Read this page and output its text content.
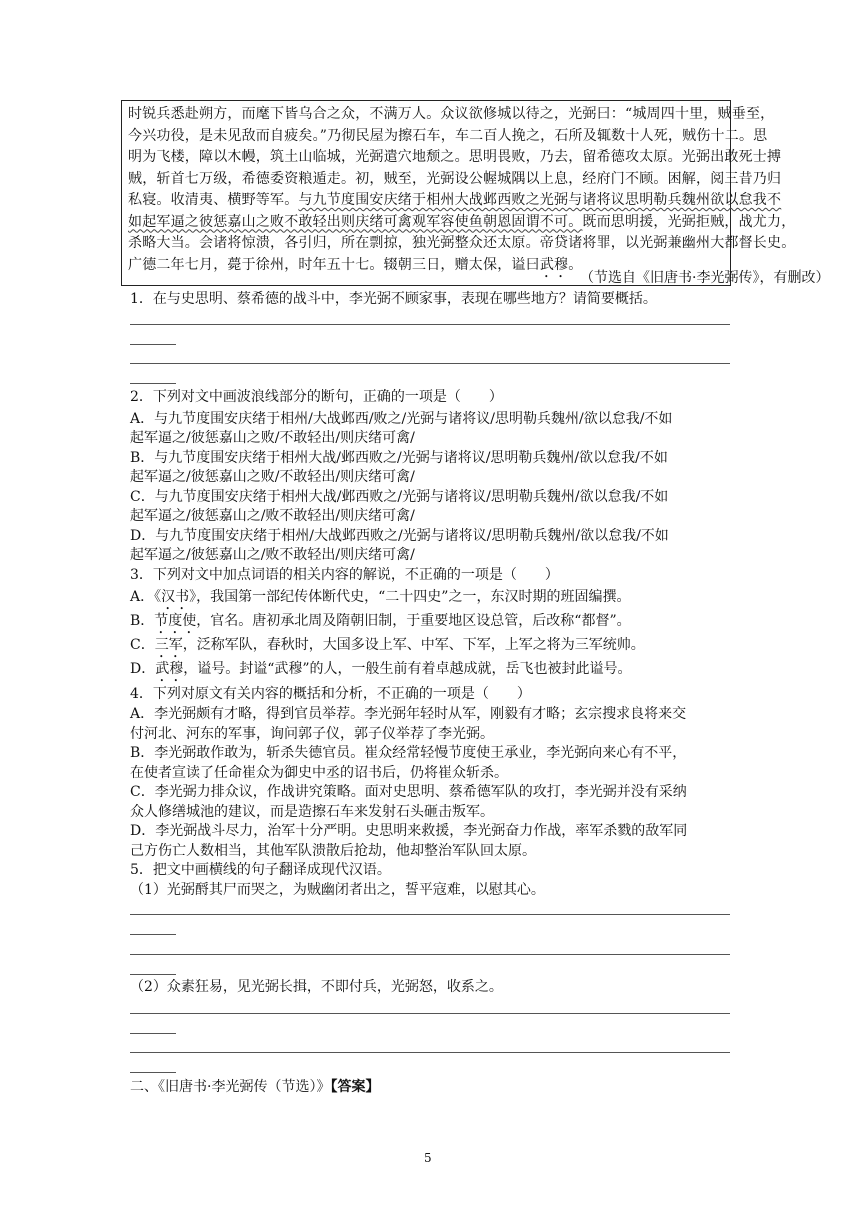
时锐兵悉赴朔方，而麾下皆乌合之众，不满万人。众议欲修城以待之，光弼曰：“城周四十里，贼垂至，
今兴功役，是未见敌而自疲矣。”乃彻民屋为擦石车，车二百人挽之，石所及辄数十人死，贼伤十二。思
明为飞楼，障以木幔，筑土山临城，光弼遣穴地颓之。思明畏败，乃去，留希德攻太原。光弼出敢死士搏
贼，斩首七万级，希德委资粮遁走。初，贼至，光弼设公幄城隅以上息，经府门不顾。困解，阅三昔乃归
私寝。收清夷、横野等军。与九节度围安庆绪于相州大战邺西败之光弼与诸将议思明勒兵魏州欲以怠我不
如起军逼之彼惩嘉山之败不敢轻出则庆绪可禽观军容使鱼朝恩固谓不可。既而思明援，光弼拒贼，战尤力，
杀略大当。会诸将惊溃，各引归，所在剽掠，独光弼整众还太原。帝贷诸将罪，以光弼兼幽州大都督长史。
广德二年七月，薨于徐州，时年五十七。辍朝三日，赠太保，谥曰武穆。
（节选自《旧唐书·李光弼传》，有删改）
1．在与史思明、蔡希德的战斗中，李光弼不顾家事，表现在哪些地方？请简要概括。
2．下列对文中画波浪线部分的断句，正确的一项是（　　）
A．与九节度围安庆绪于相州/大战邺西/败之/光弼与诸将议/思明勒兵魏州/欲以怠我/不如
起军逼之/彼惩嘉山之败/不敢轻出/则庆绪可禽/
B．与九节度围安庆绪于相州大战/邺西败之/光弼与诸将议/思明勒兵魏州/欲以怠我/不如
起军逼之/彼惩嘉山之败/不敢轻出/则庆绪可禽/
C．与九节度围安庆绪于相州大战/邺西败之/光弼与诸将议/思明勒兵魏州/欲以怠我/不如
起军逼之/彼惩嘉山之/败不敢轻出/则庆绪可禽/
D．与九节度围安庆绪于相州/大战邺西败之/光弼与诸将议/思明勒兵魏州/欲以怠我/不如
起军逼之/彼惩嘉山之/败不敢轻出/则庆绪可禽/
3．下列对文中加点词语的相关内容的解说，不正确的一项是（　　）
A．《汉书》，我国第一部纪传体断代史，“二十四史”之一，东汉时期的班固编撰。
B．节度使，官名。唐初承北周及隋朝旧制，于重要地区设总管，后改称“都督”。
C．三军，泛称军队，春秋时，大国多设上军、中军、下军，上军之将为三军统帅。
D．武穆，谥号。封谥“武穆”的人，一般生前有着卓越成就，岳飞也被封此谥号。
4．下列对原文有关内容的概括和分析，不正确的一项是（　　）
A．李光弼颇有才略，得到官员举荐。李光弼年轻时从军，刚毅有才略；玄宗搜求良将来交
付河北、河东的军事，询问郭子仪，郭子仪举荐了李光弼。
B．李光弼敢作敢为，斩杀失德官员。崔众经常轻慢节度使王承业，李光弼向来心有不平，
在使者宣读了任命崔众为御史中丞的诏书后，仍将崔众斩杀。
C．李光弼力排众议，作战讲究策略。面对史思明、蔡希德军队的攻打，李光弼并没有采纳
众人修缮城池的建议，而是造擦石车来发射石头砸击叛军。
D．李光弼战斗尽力，治军十分严明。史思明来救援，李光弼奋力作战，率军杀戮的敌军同
己方伤亡人数相当，其他军队溃散后抢劫，他却整治军队回太原。
5．把文中画横线的句子翻译成现代汉语。
（1）光弼酹其尸而哭之，为贼幽闭者出之，誓平寇难，以慰其心。
（2）众素狂易，见光弼长揖，不即付兵，光弼怒，收系之。
二、《旧唐书·李光弼传（节选）》【答案】
5
